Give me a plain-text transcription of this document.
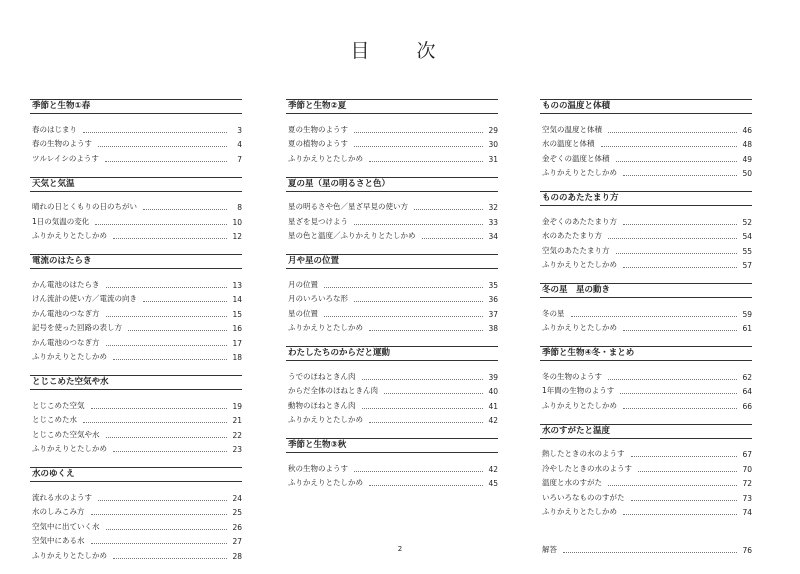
目　次
季節と生物①春
春のはじまり	3
春の生物のようす	4
ツルレイシのようす	7
天気と気温
晴れの日とくもりの日のちがい	8
1日の気温の変化	10
ふりかえりとたしかめ	12
電流のはたらき
かん電池のはたらき	13
けん流計の使い方／電流の向き	14
かん電池のつなぎ方	15
記号を使った回路の表し方	16
かん電池のつなぎ方	17
ふりかえりとたしかめ	18
とじこめた空気や水
とじこめた空気	19
とじこめた水	21
とじこめた空気や水	22
ふりかえりとたしかめ	23
水のゆくえ
流れる水のようす	24
水のしみこみ方	25
空気中に出ていく水	26
空気中にある水	27
ふりかえりとたしかめ	28
季節と生物②夏
夏の生物のようす	29
夏の植物のようす	30
ふりかえりとたしかめ	31
夏の星（星の明るさと色）
星の明るさや色／星ざ早見の使い方	32
星ざを見つけよう	33
星の色と温度／ふりかえりとたしかめ	34
月や星の位置
月の位置	35
月のいろいろな形	36
星の位置	37
ふりかえりとたしかめ	38
わたしたちのからだと運動
うでのほねときん肉	39
からだ全体のほねときん肉	40
動物のほねときん肉	41
ふりかえりとたしかめ	42
季節と生物③秋
秋の生物のようす	42
ふりかえりとたしかめ	45
ものの温度と体積
空気の温度と体積	46
水の温度と体積	48
金ぞくの温度と体積	49
ふりかえりとたしかめ	50
もののあたたまり方
金ぞくのあたたまり方	52
水のあたたまり方	54
空気のあたたまり方	55
ふりかえりとたしかめ	57
冬の星　星の動き
冬の星	59
ふりかえりとたしかめ	61
季節と生物④冬・まとめ
冬の生物のようす	62
1年間の生物のようす	64
ふりかえりとたしかめ	66
水のすがたと温度
熱したときの水のようす	67
冷やしたときの水のようす	70
温度と水のすがた	72
いろいろなもののすがた	73
ふりかえりとたしかめ	74
解答	76
2
